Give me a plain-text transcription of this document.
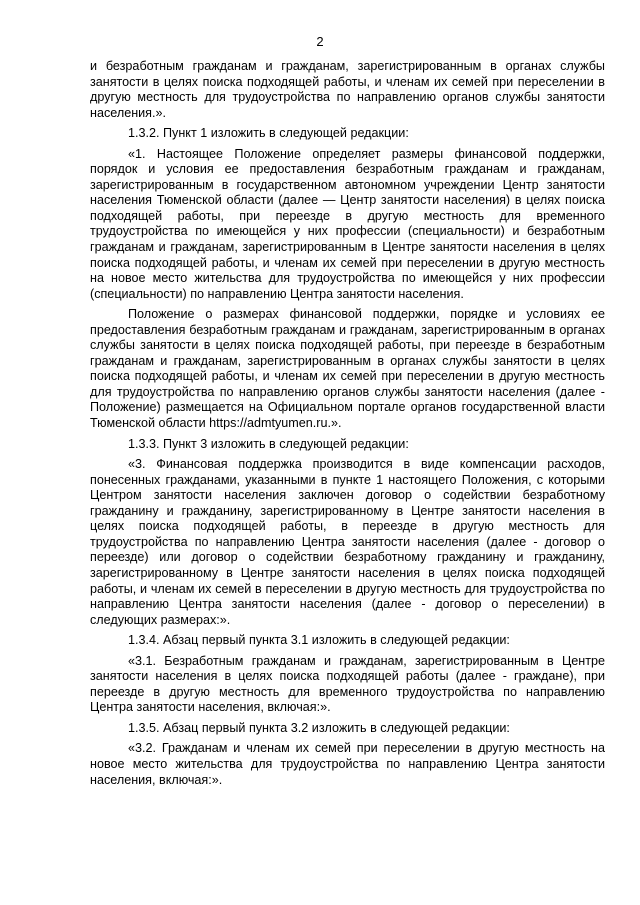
2

и безработным гражданам и гражданам, зарегистрированным в органах службы занятости в целях поиска подходящей работы, и членам их семей при переселении в другую местность для трудоустройства по направлению органов службы занятости населения.».

1.3.2. Пункт 1 изложить в следующей редакции:

«1. Настоящее Положение определяет размеры финансовой поддержки, порядок и условия ее предоставления безработным гражданам и гражданам, зарегистрированным в государственном автономном учреждении Центр занятости населения Тюменской области (далее — Центр занятости населения) в целях поиска подходящей работы, при переезде в другую местность для временного трудоустройства по имеющейся у них профессии (специальности) и безработным гражданам и гражданам, зарегистрированным в Центре занятости населения в целях поиска подходящей работы, и членам их семей при переселении в другую местность на новое место жительства для трудоустройства по имеющейся у них профессии (специальности) по направлению Центра занятости населения.

Положение о размерах финансовой поддержки, порядке и условиях ее предоставления безработным гражданам и гражданам, зарегистрированным в органах службы занятости в целях поиска подходящей работы, при переезде в безработным гражданам и гражданам, зарегистрированным в органах службы занятости в целях поиска подходящей работы, и членам их семей при переселении в другую местность для трудоустройства по направлению органов службы занятости населения (далее - Положение) размещается на Официальном портале органов государственной власти Тюменской области https://admtyumen.ru.».

1.3.3. Пункт 3 изложить в следующей редакции:

«3. Финансовая поддержка производится в виде компенсации расходов, понесенных гражданами, указанными в пункте 1 настоящего Положения, с которыми Центром занятости населения заключен договор о содействии безработному гражданину и гражданину, зарегистрированному в Центре занятости населения в целях поиска подходящей работы, в переезде в другую местность для трудоустройства по направлению Центра занятости населения (далее - договор о переезде) или договор о содействии безработному гражданину и гражданину, зарегистрированному в Центре занятости населения в целях поиска подходящей работы, и членам их семей в переселении в другую местность для трудоустройства по направлению Центра занятости населения (далее - договор о переселении) в следующих размерах:».

1.3.4. Абзац первый пункта 3.1 изложить в следующей редакции:

«3.1. Безработным гражданам и гражданам, зарегистрированным в Центре занятости населения в целях поиска подходящей работы (далее - граждане), при переезде в другую местность для временного трудоустройства по направлению Центра занятости населения, включая:».

1.3.5. Абзац первый пункта 3.2 изложить в следующей редакции:

«3.2. Гражданам и членам их семей при переселении в другую местность на новое место жительства для трудоустройства по направлению Центра занятости населения, включая:».
